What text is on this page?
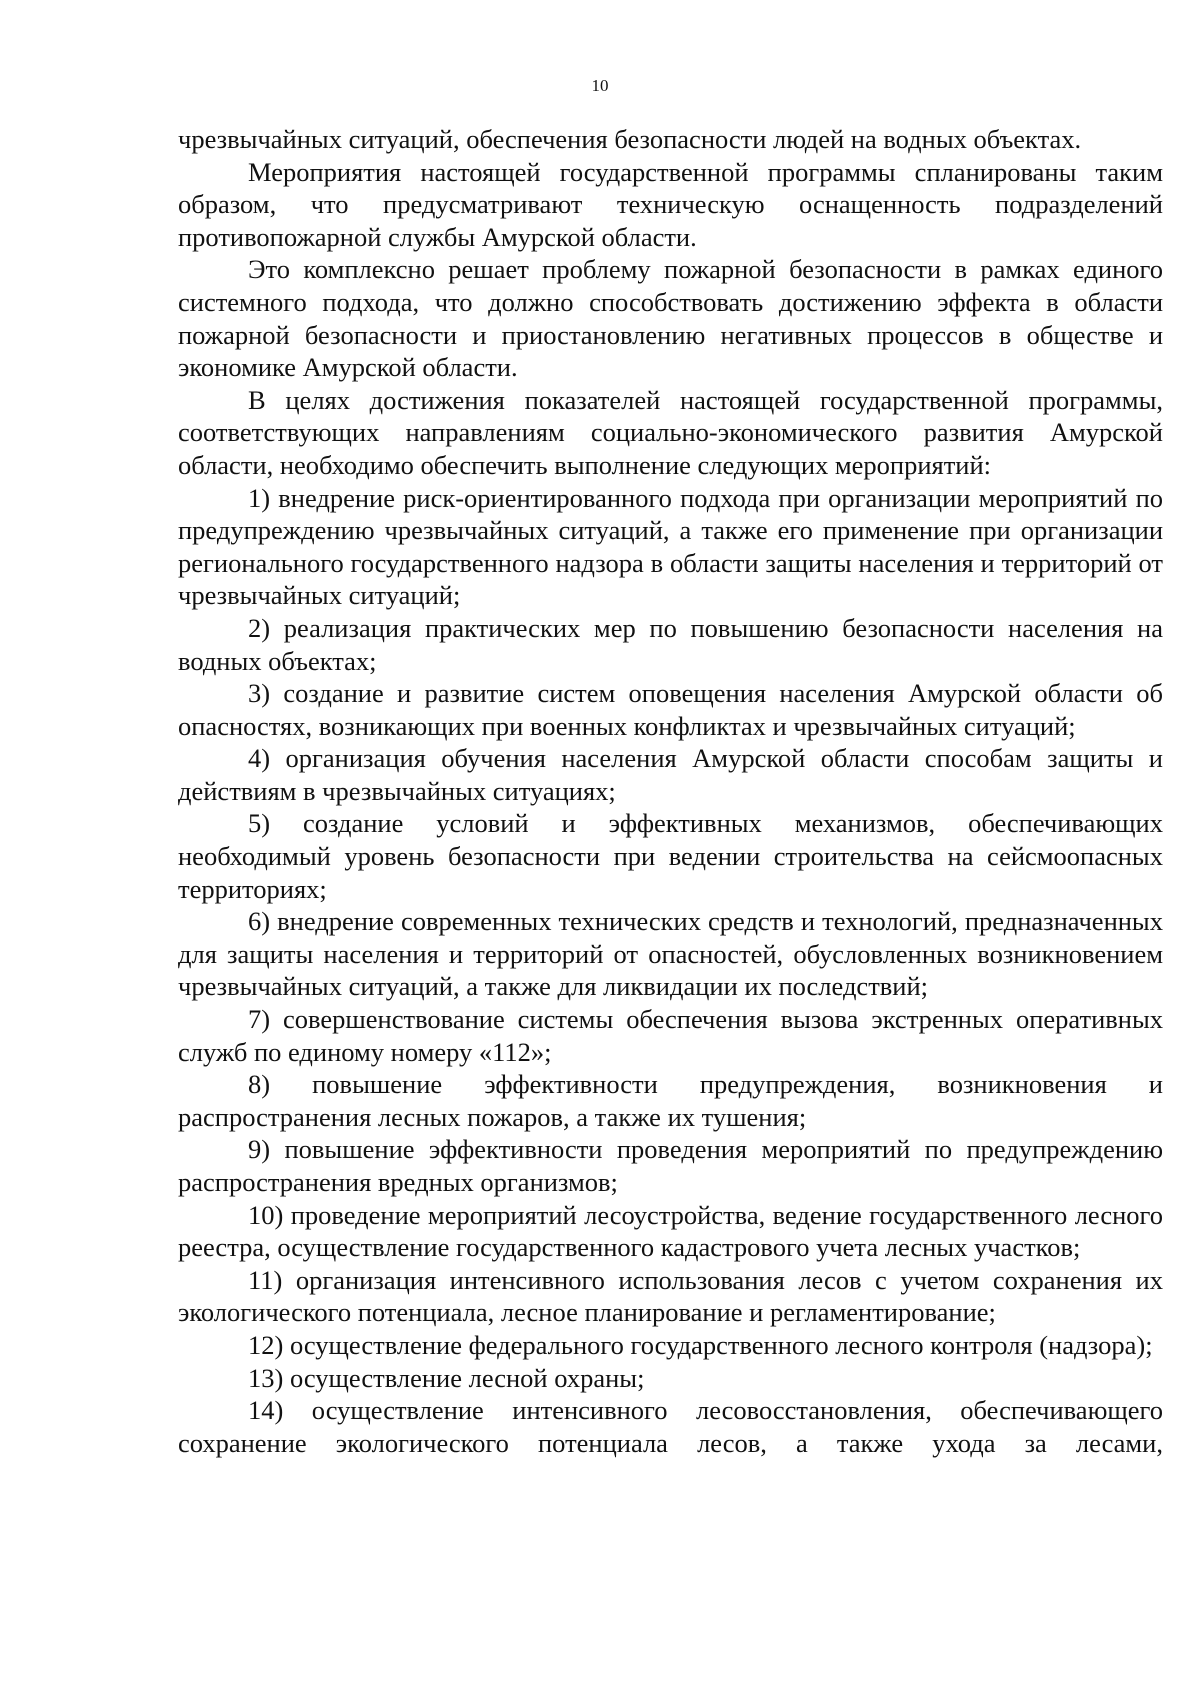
10

чрезвычайных ситуаций, обеспечения безопасности людей на водных объектах.

Мероприятия настоящей государственной программы спланированы таким образом, что предусматривают техническую оснащенность подразделений противопожарной службы Амурской области.

Это комплексно решает проблему пожарной безопасности в рамках единого системного подхода, что должно способствовать достижению эффекта в области пожарной безопасности и приостановлению негативных процессов в обществе и экономике Амурской области.

В целях достижения показателей настоящей государственной программы, соответствующих направлениям социально-экономического развития Амурской области, необходимо обеспечить выполнение следующих мероприятий:

1) внедрение риск-ориентированного подхода при организации мероприятий по предупреждению чрезвычайных ситуаций, а также его применение при организации регионального государственного надзора в области защиты населения и территорий от чрезвычайных ситуаций;

2) реализация практических мер по повышению безопасности населения на водных объектах;

3) создание и развитие систем оповещения населения Амурской области об опасностях, возникающих при военных конфликтах и чрезвычайных ситуаций;

4) организация обучения населения Амурской области способам защиты и действиям в чрезвычайных ситуациях;

5) создание условий и эффективных механизмов, обеспечивающих необходимый уровень безопасности при ведении строительства на сейсмоопасных территориях;

6) внедрение современных технических средств и технологий, предназначенных для защиты населения и территорий от опасностей, обусловленных возникновением чрезвычайных ситуаций, а также для ликвидации их последствий;

7) совершенствование системы обеспечения вызова экстренных оперативных служб по единому номеру «112»;

8) повышение эффективности предупреждения, возникновения и распространения лесных пожаров, а также их тушения;

9) повышение эффективности проведения мероприятий по предупреждению распространения вредных организмов;

10) проведение мероприятий лесоустройства, ведение государственного лесного реестра, осуществление государственного кадастрового учета лесных участков;

11) организация интенсивного использования лесов с учетом сохранения их экологического потенциала, лесное планирование и регламентирование;

12) осуществление федерального государственного лесного контроля (надзора);

13) осуществление лесной охраны;

14) осуществление интенсивного лесовосстановления, обеспечивающего сохранение экологического потенциала лесов, а также ухода за лесами,
